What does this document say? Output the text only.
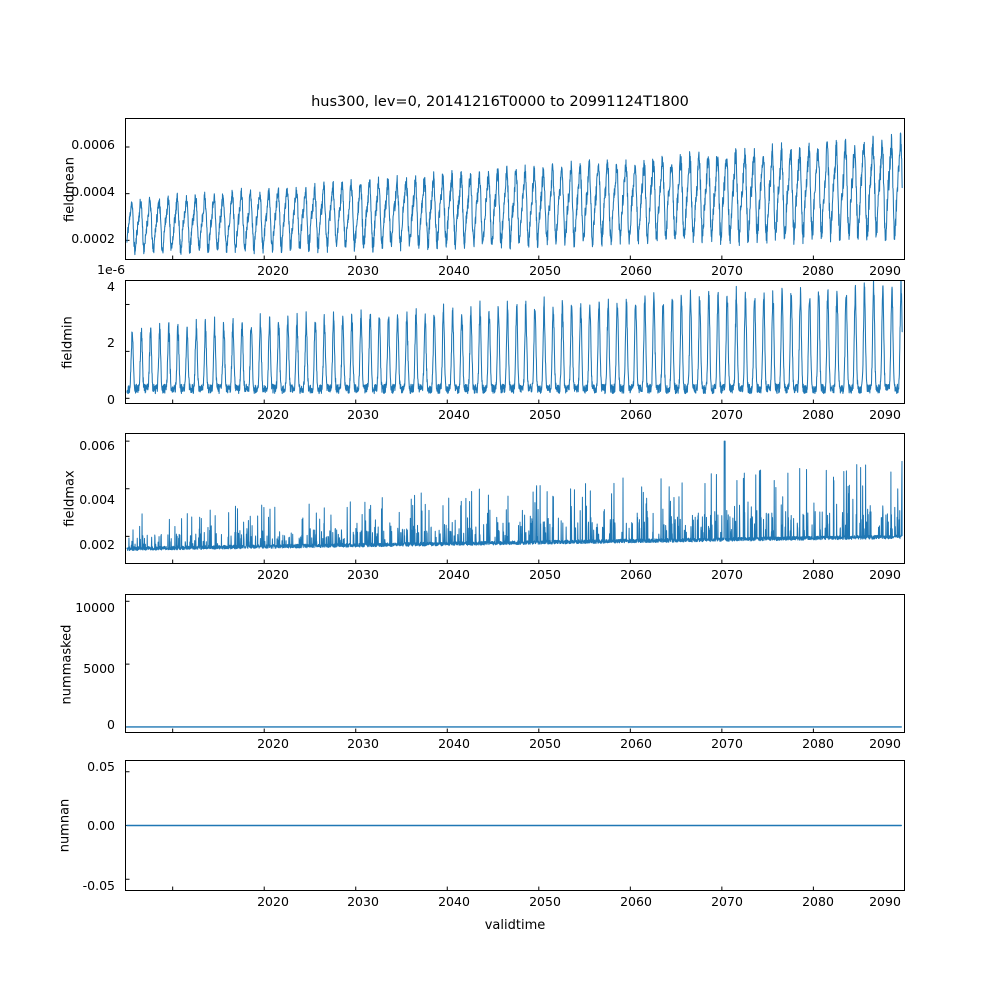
hus300, lev=0, 20141216T0000 to 20991124T1800
fieldmean
0.0002
0.0004
0.0006
2020	2030	2040	2050	2060	2070	2080	2090
1e-6
fieldmin
0
2
4
2020	2030	2040	2050	2060	2070	2080	2090
fieldmax
0.002
0.004
0.006
2020	2030	2040	2050	2060	2070	2080	2090
nummasked
0
5000
10000
2020	2030	2040	2050	2060	2070	2080	2090
numnan
-0.05
0.00
0.05
2020	2030	2040	2050	2060	2070	2080	2090
validtime
